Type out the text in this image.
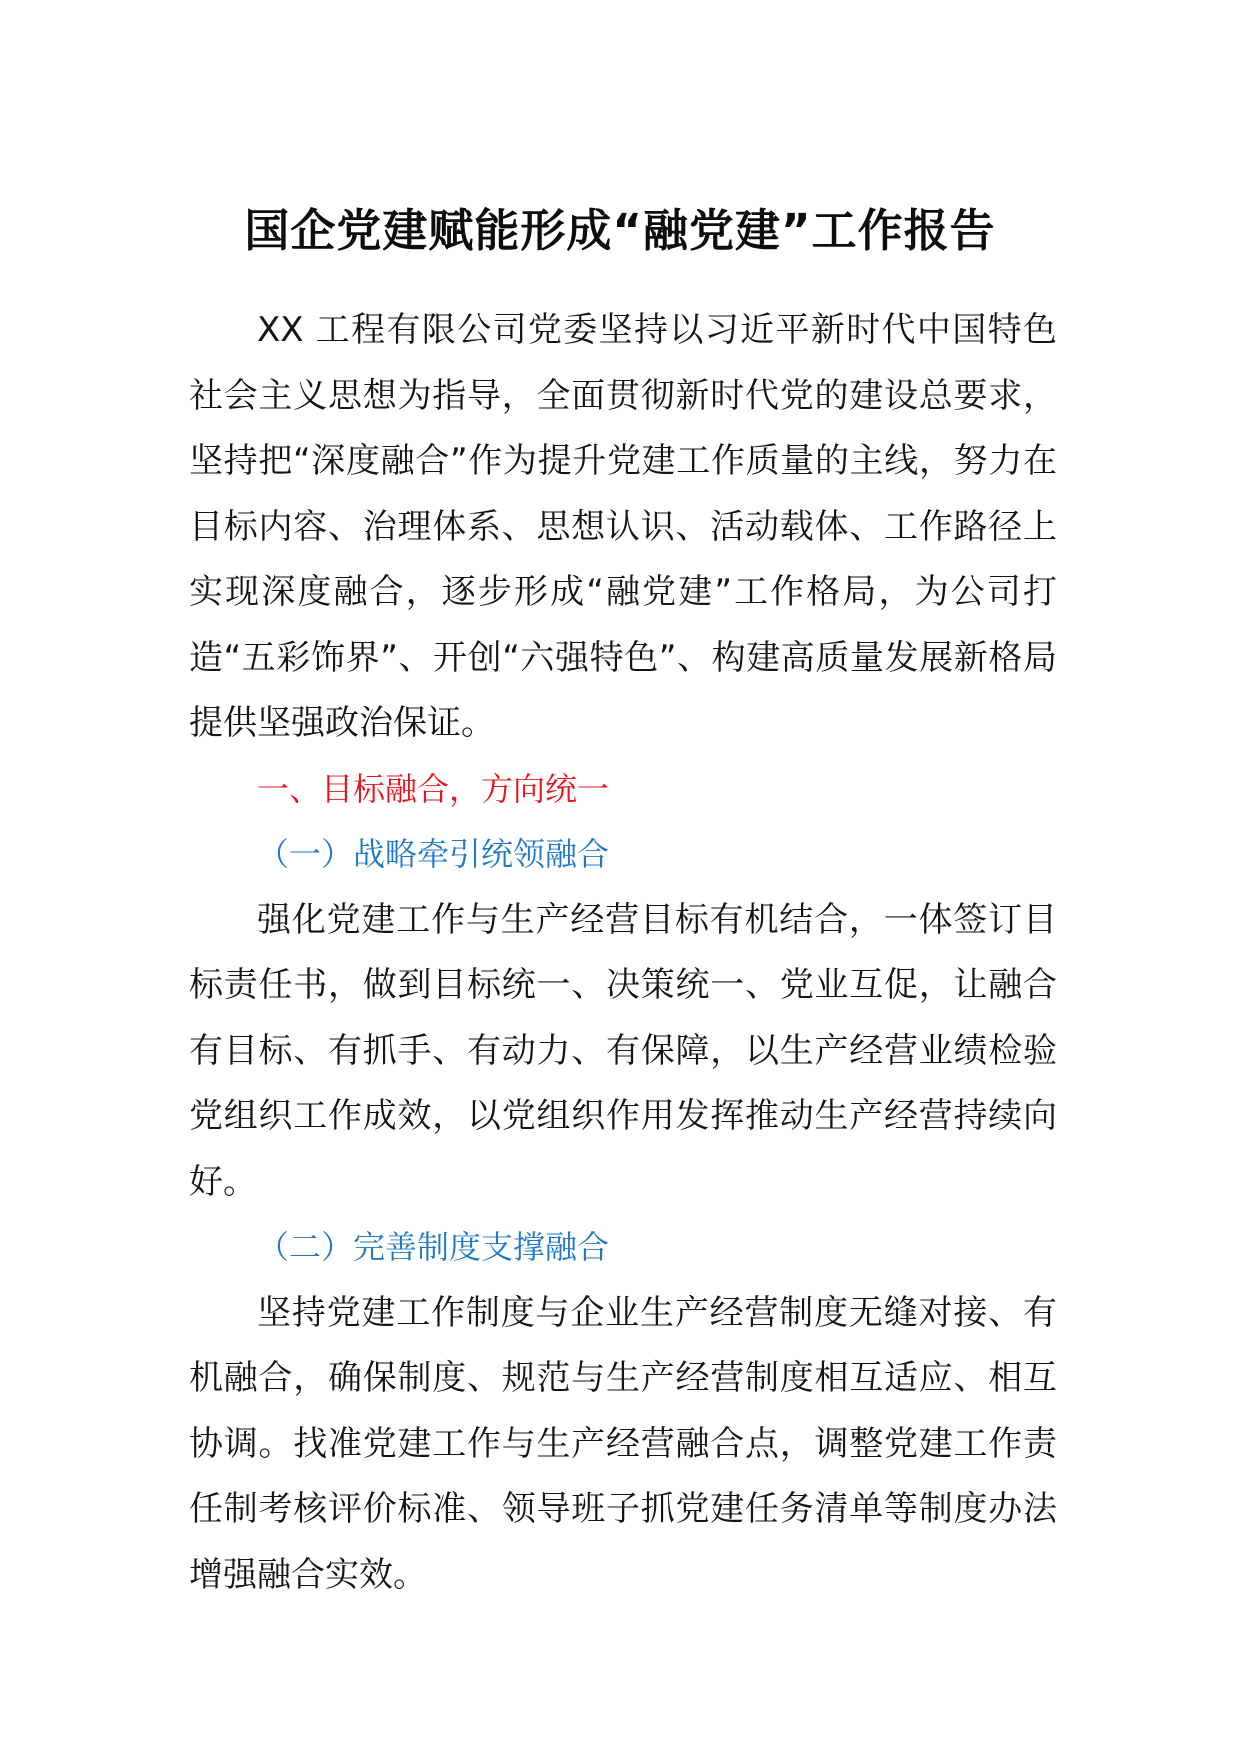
国企党建赋能形成“融党建”工作报告

XX 工程有限公司党委坚持以习近平新时代中国特色社会主义思想为指导，全面贯彻新时代党的建设总要求，坚持把“深度融合”作为提升党建工作质量的主线，努力在目标内容、治理体系、思想认识、活动载体、工作路径上实现深度融合，逐步形成“融党建”工作格局，为公司打造“五彩饰界”、开创“六强特色”、构建高质量发展新格局提供坚强政治保证。

一、目标融合，方向统一

（一）战略牵引统领融合

强化党建工作与生产经营目标有机结合，一体签订目标责任书，做到目标统一、决策统一、党业互促，让融合有目标、有抓手、有动力、有保障，以生产经营业绩检验党组织工作成效，以党组织作用发挥推动生产经营持续向好。

（二）完善制度支撑融合

坚持党建工作制度与企业生产经营制度无缝对接、有机融合，确保制度、规范与生产经营制度相互适应、相互协调。找准党建工作与生产经营融合点，调整党建工作责任制考核评价标准、领导班子抓党建任务清单等制度办法增强融合实效。
